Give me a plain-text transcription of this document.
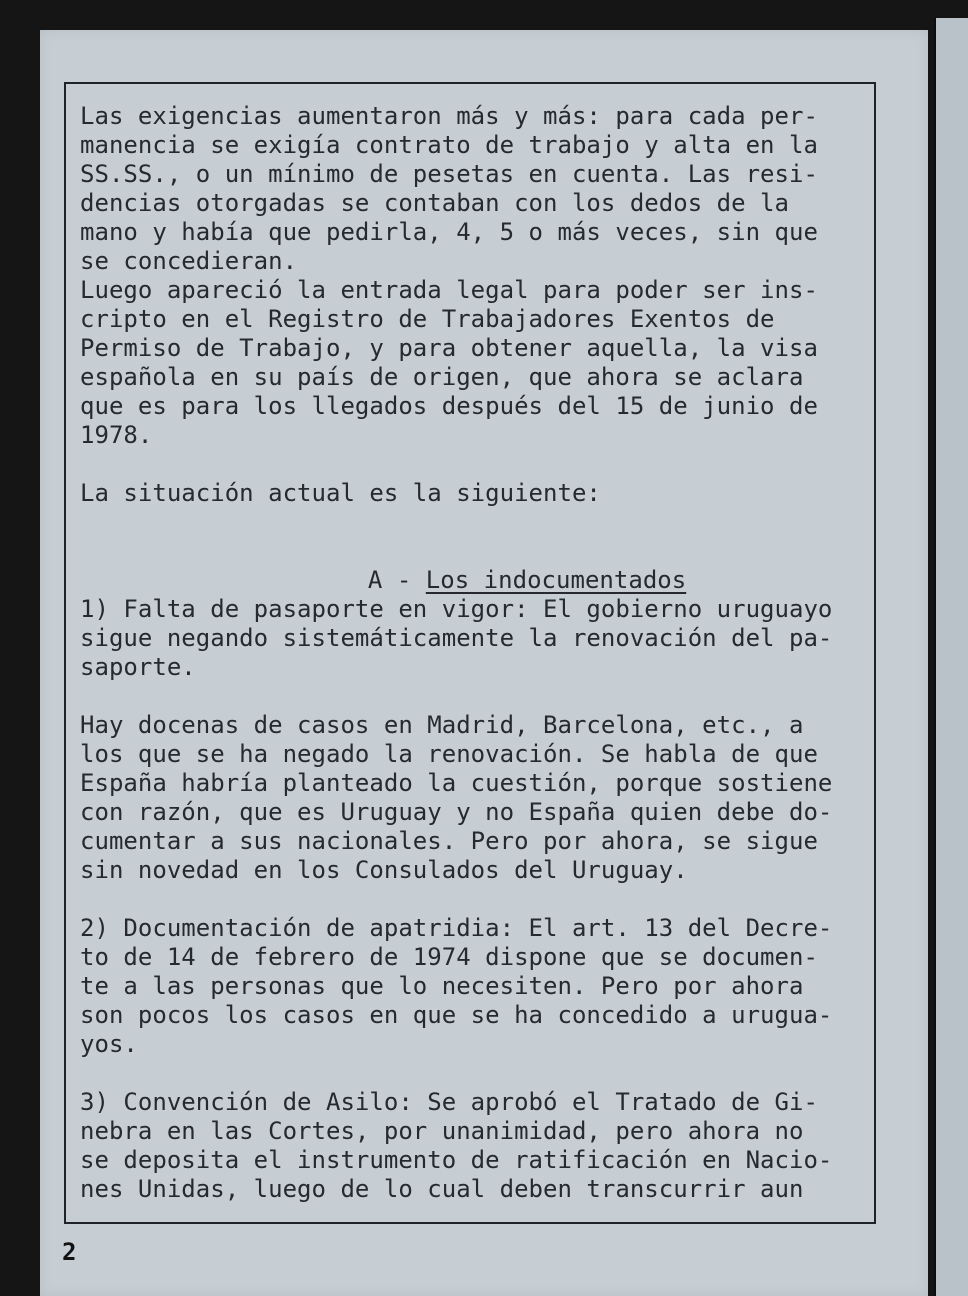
Las exigencias aumentaron más y más: para cada per-
manencia se exigía contrato de trabajo y alta en la
SS.SS., o un mínimo de pesetas en cuenta. Las resi-
dencias otorgadas se contaban con los dedos de la
mano y había que pedirla, 4, 5 o más veces, sin que
se concedieran.
Luego apareció la entrada legal para poder ser ins-
cripto en el Registro de Trabajadores Exentos de
Permiso de Trabajo, y para obtener aquella, la visa
española en su país de origen, que ahora se aclara
que es para los llegados después del 15 de junio de
1978.
La situación actual es la siguiente:

A - Los indocumentados

1) Falta de pasaporte en vigor: El gobierno uruguayo
sigue negando sistemáticamente la renovación del pa-
saporte.
Hay docenas de casos en Madrid, Barcelona, etc., a
los que se ha negado la renovación. Se habla de que
España habría planteado la cuestión, porque sostiene
con razón, que es Uruguay y no España quien debe do-
cumentar a sus nacionales. Pero por ahora, se sigue
sin novedad en los Consulados del Uruguay.
2) Documentación de apatridia: El art. 13 del Decre-
to de 14 de febrero de 1974 dispone que se documen-
te a las personas que lo necesiten. Pero por ahora
son pocos los casos en que se ha concedido a urugua-
yos.
3) Convención de Asilo: Se aprobó el Tratado de Gi-
nebra en las Cortes, por unanimidad, pero ahora no
se deposita el instrumento de ratificación en Nacio-
nes Unidas, luego de lo cual deben transcurrir aun
2
